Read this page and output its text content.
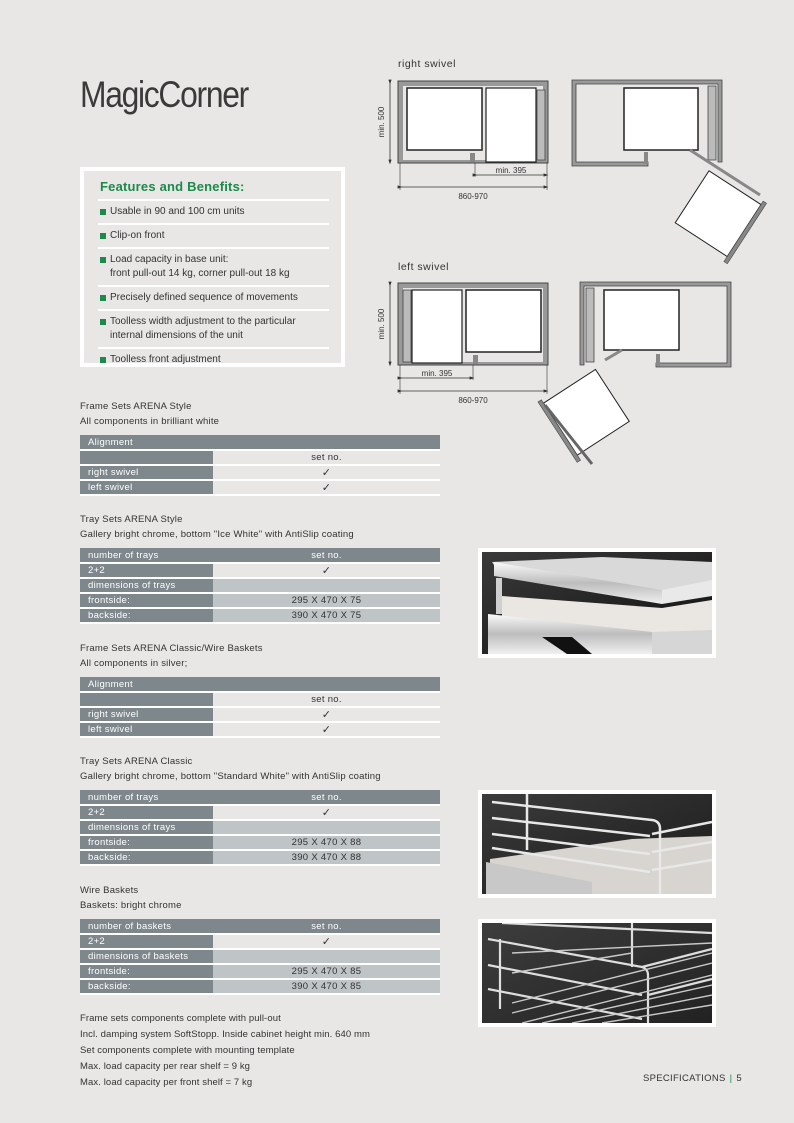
MagicCorner
Features and Benefits:
Usable in 90 and 100 cm units
Clip-on front
Load capacity in base unit:
front pull-out 14 kg, corner pull-out 18 kg
Precisely defined sequence of movements
Toolless width adjustment to the particular
internal dimensions of the unit
Toolless front adjustment
right swivel
left swivel
min. 500
min. 395
860-970
min. 500
min. 395
860-970
Frame Sets ARENA Style
All components in brilliant white
Alignment	
	set no.
right swivel	✓
left swivel	✓
Tray Sets ARENA Style
Gallery bright chrome, bottom "Ice White" with AntiSlip coating
number of trays	set no.
2+2	✓
dimensions of trays	
frontside:	295 X 470 X 75
backside:	390 X 470 X 75
Frame Sets ARENA Classic/Wire Baskets
All components in silver;
Alignment	
	set no.
right swivel	✓
left swivel	✓
Tray Sets ARENA Classic
Gallery bright chrome, bottom "Standard White" with AntiSlip coating
number of trays	set no.
2+2	✓
dimensions of trays	
frontside:	295 X 470 X 88
backside:	390 X 470 X 88
Wire Baskets
Baskets: bright chrome
number of baskets	set no.
2+2	✓
dimensions of baskets	
frontside:	295 X 470 X 85
backside:	390 X 470 X 85
Frame sets components complete with pull-out
Incl. damping system SoftStopp. Inside cabinet height min. 640 mm
Set components complete with mounting template
Max. load capacity per rear shelf = 9 kg
Max. load capacity per front shelf = 7 kg	SPECIFICATIONS | 5
